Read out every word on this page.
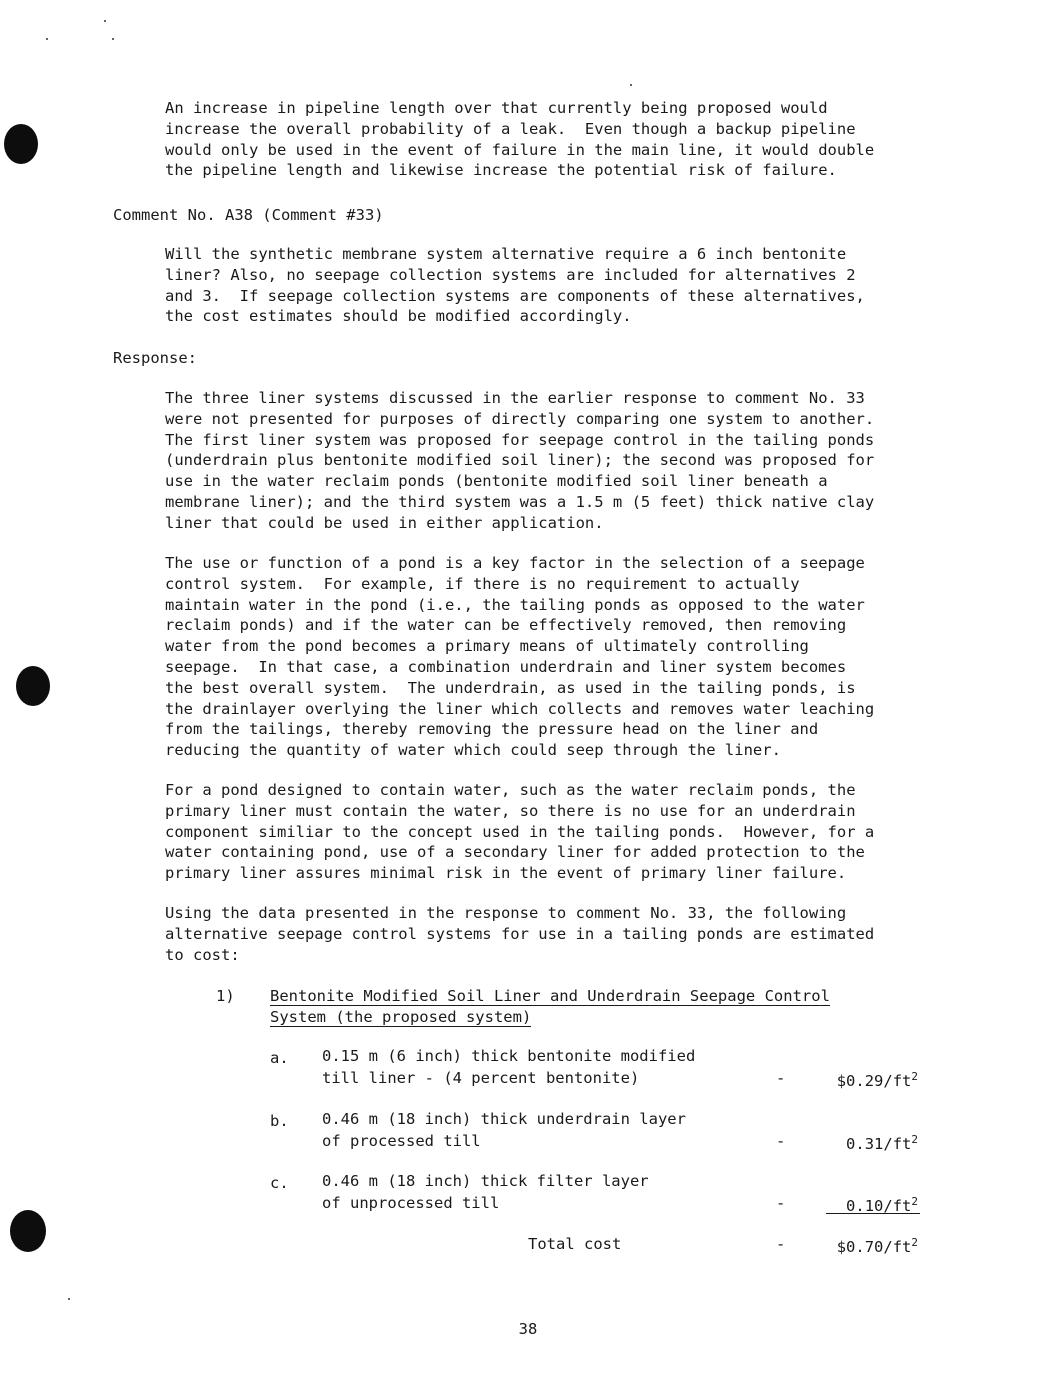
An increase in pipeline length over that currently being proposed would
increase the overall probability of a leak.  Even though a backup pipeline
would only be used in the event of failure in the main line, it would double
the pipeline length and likewise increase the potential risk of failure.

Comment No. A38 (Comment #33)

Will the synthetic membrane system alternative require a 6 inch bentonite
liner? Also, no seepage collection systems are included for alternatives 2
and 3.  If seepage collection systems are components of these alternatives,
the cost estimates should be modified accordingly.

Response:

The three liner systems discussed in the earlier response to comment No. 33
were not presented for purposes of directly comparing one system to another.
The first liner system was proposed for seepage control in the tailing ponds
(underdrain plus bentonite modified soil liner); the second was proposed for
use in the water reclaim ponds (bentonite modified soil liner beneath a
membrane liner); and the third system was a 1.5 m (5 feet) thick native clay
liner that could be used in either application.

The use or function of a pond is a key factor in the selection of a seepage
control system.  For example, if there is no requirement to actually
maintain water in the pond (i.e., the tailing ponds as opposed to the water
reclaim ponds) and if the water can be effectively removed, then removing
water from the pond becomes a primary means of ultimately controlling
seepage.  In that case, a combination underdrain and liner system becomes
the best overall system.  The underdrain, as used in the tailing ponds, is
the drainlayer overlying the liner which collects and removes water leaching
from the tailings, thereby removing the pressure head on the liner and
reducing the quantity of water which could seep through the liner.

For a pond designed to contain water, such as the water reclaim ponds, the
primary liner must contain the water, so there is no use for an underdrain
component similiar to the concept used in the tailing ponds.  However, for a
water containing pond, use of a secondary liner for added protection to the
primary liner assures minimal risk in the event of primary liner failure.

Using the data presented in the response to comment No. 33, the following
alternative seepage control systems for use in a tailing ponds are estimated
to cost:

1) Bentonite Modified Soil Liner and Underdrain Seepage Control
System (the proposed system)
a. 0.15 m (6 inch) thick bentonite modified
till liner - (4 percent bentonite)	-	$\$0.29/ft^2$
b. 0.46 m (18 inch) thick underdrain layer
of processed till	-	$0.31/ft^2$
c. 0.46 m (18 inch) thick filter layer
of unprocessed till	-	$0.10/ft^2$
Total cost	-	$\$0.70/ft^2$
38
